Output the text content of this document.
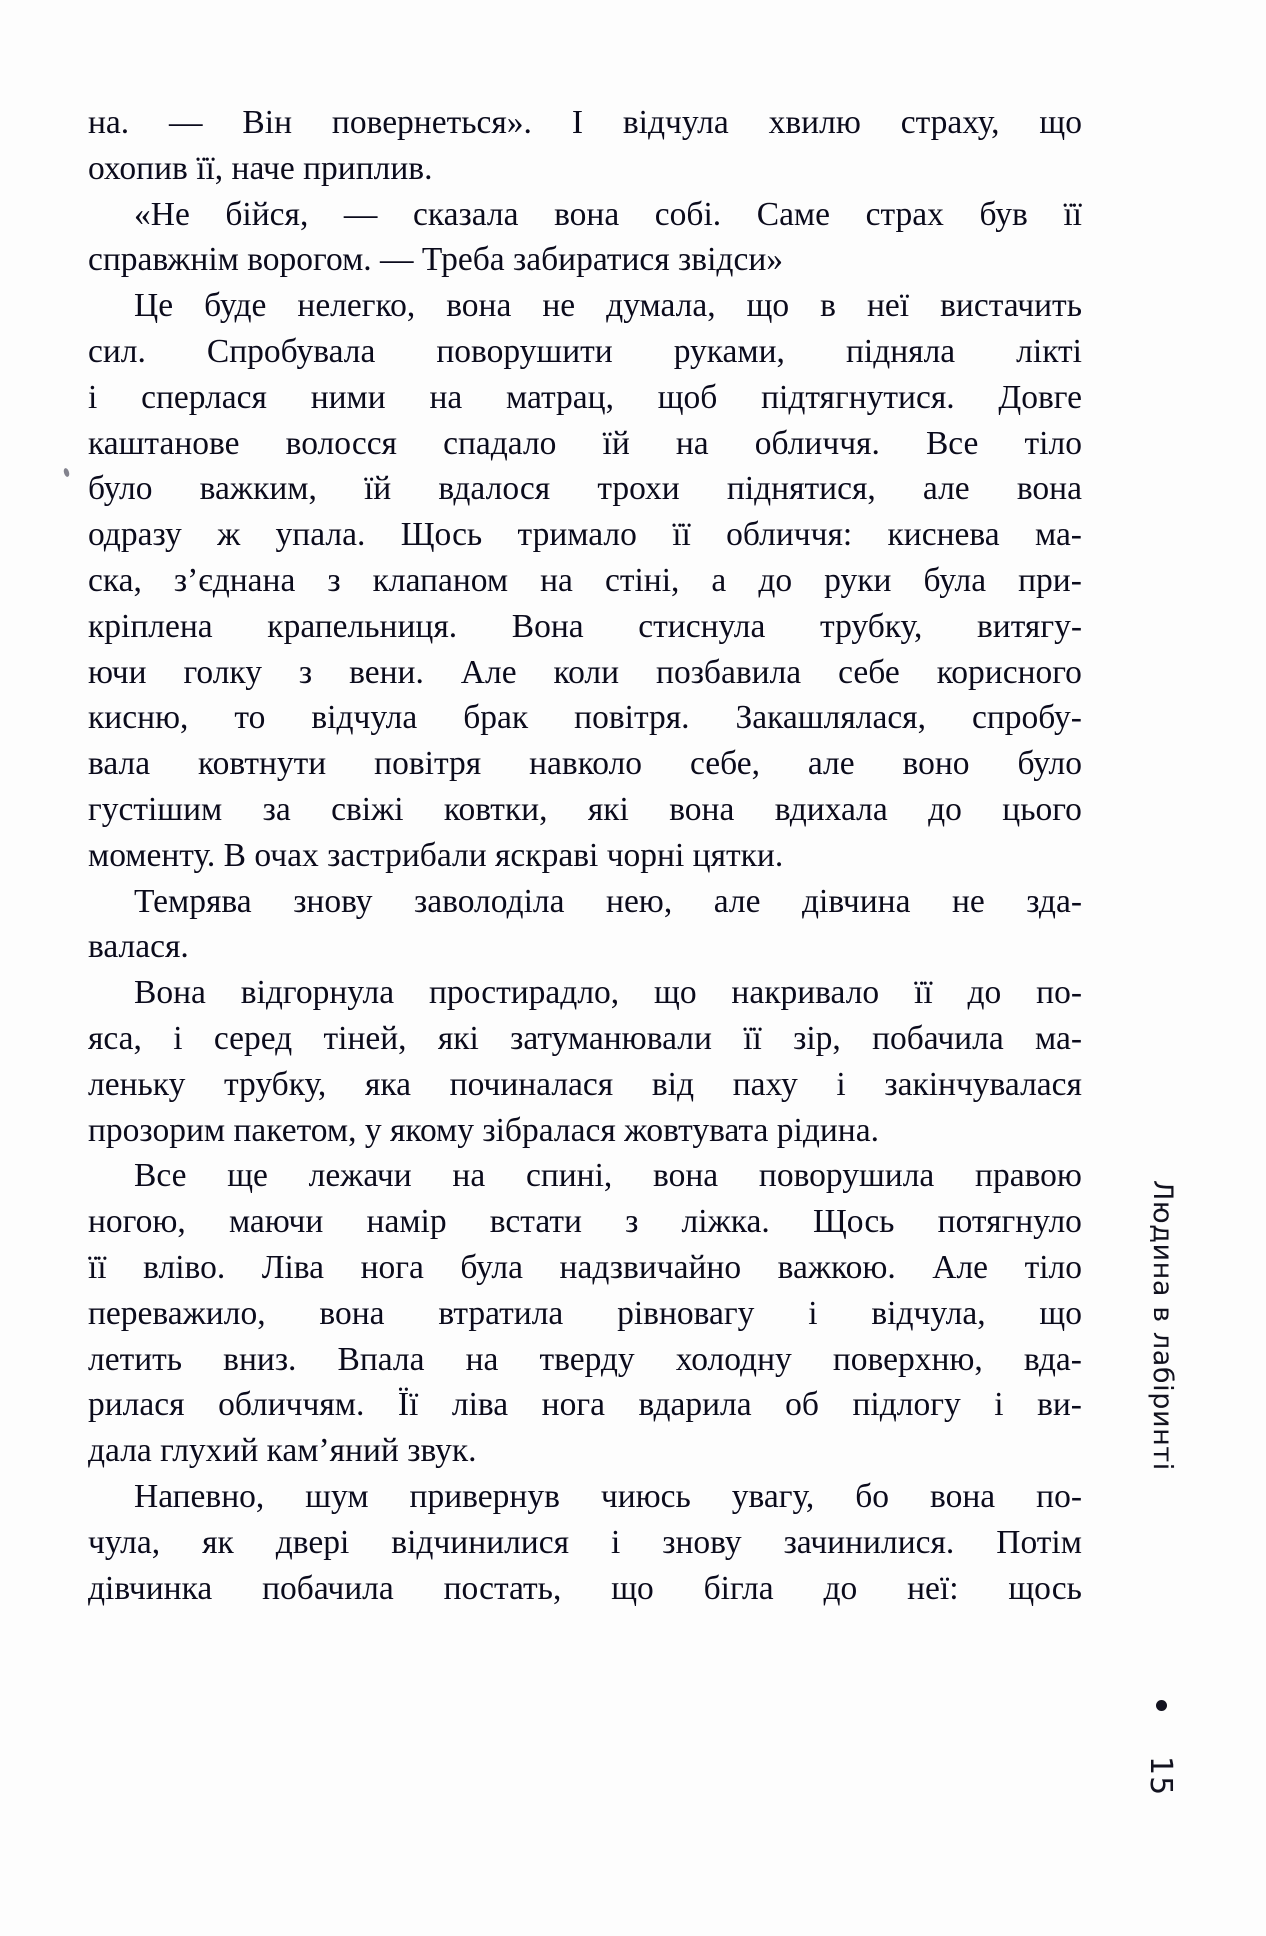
на. — Він повернеться». І відчула хвилю страху, що
охопив її, наче приплив.
«Не бійся, — сказала вона собі. Саме страх був її
справжнім ворогом. — Треба забиратися звідси»
Це буде нелегко, вона не думала, що в неї вистачить
сил. Спробувала поворушити руками, підняла лікті
і сперлася ними на матрац, щоб підтягнутися. Довге
каштанове волосся спадало їй на обличчя. Все тіло
було важким, їй вдалося трохи піднятися, але вона
одразу ж упала. Щось тримало її обличчя: киснева ма-
ска, з’єднана з клапаном на стіні, а до руки була при-
кріплена крапельниця. Вона стиснула трубку, витягу-
ючи голку з вени. Але коли позбавила себе корисного
кисню, то відчула брак повітря. Закашлялася, спробу-
вала ковтнути повітря навколо себе, але воно було
густішим за свіжі ковтки, які вона вдихала до цього
моменту. В очах застрибали яскраві чорні цятки.
Темрява знову заволоділа нею, але дівчина не зда-
валася.
Вона відгорнула простирадло, що накривало її до по-
яса, і серед тіней, які затуманювали її зір, побачила ма-
леньку трубку, яка починалася від паху і закінчувалася
прозорим пакетом, у якому зібралася жовтувата рідина.
Все ще лежачи на спині, вона поворушила правою
ногою, маючи намір встати з ліжка. Щось потягнуло
її вліво. Ліва нога була надзвичайно важкою. Але тіло
переважило, вона втратила рівновагу і відчула, що
летить вниз. Впала на тверду холодну поверхню, вда-
рилася обличчям. Її ліва нога вдарила об підлогу і ви-
дала глухий кам’яний звук.
Напевно, шум привернув чиюсь увагу, бо вона по-
чула, як двері відчинилися і знову зачинилися. Потім
дівчинка побачила постать, що бігла до неї: щось
Людина в лабіринті
15
